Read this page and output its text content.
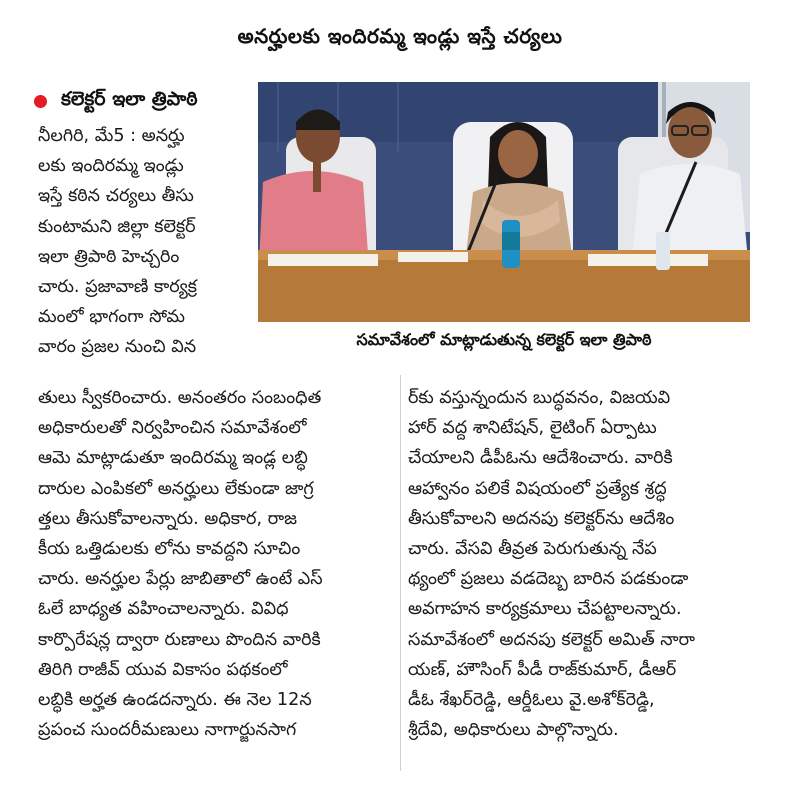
అనర్హులకు ఇందిరమ్మ ఇండ్లు ఇస్తే చర్యలు
కలెక్టర్ ఇలా త్రిపాఠి
సమావేశంలో మాట్లాడుతున్న కలెక్టర్ ఇలా త్రిపాఠి
నీలగిరి, మే5 : అనర్హు
లకు ఇందిరమ్మ ఇండ్లు
ఇస్తే కఠిన చర్యలు తీసు
కుంటామని జిల్లా కలెక్టర్
ఇలా త్రిపాఠి హెచ్చరిం
చారు. ప్రజావాణి కార్యక్ర
మంలో భాగంగా సోమ
వారం ప్రజల నుంచి విన
తులు స్వీకరించారు. అనంతరం సంబంధిత
అధికారులతో నిర్వహించిన సమావేశంలో
ఆమె మాట్లాడుతూ ఇందిరమ్మ ఇండ్ల లబ్ధి
దారుల ఎంపికలో అనర్హులు లేకుండా జాగ్ర
త్తలు తీసుకోవాలన్నారు. అధికార, రాజ
కీయ ఒత్తిడులకు లోను కావద్దని సూచిం
చారు. అనర్హుల పేర్లు జాబితాలో ఉంటే ఎస్
ఓలే బాధ్యత వహించాలన్నారు. వివిధ
కార్పొరేషన్ల ద్వారా రుణాలు పొందిన వారికి
తిరిగి రాజీవ్ యువ వికాసం పథకంలో
లబ్ధికి అర్హత ఉండదన్నారు. ఈ నెల 12న
ప్రపంచ సుందరీమణులు నాగార్జునసాగ
ర్‌కు వస్తున్నందున బుద్ధవనం, విజయవి
హార్ వద్ద శానిటేషన్, లైటింగ్ ఏర్పాటు
చేయాలని డీపీఓను ఆదేశించారు. వారికి
ఆహ్వానం పలికే విషయంలో ప్రత్యేక శ్రద్ధ
తీసుకోవాలని అదనపు కలెక్టర్‌ను ఆదేశిం
చారు. వేసవి తీవ్రత పెరుగుతున్న నేప
థ్యంలో ప్రజలు వడదెబ్బ బారిన పడకుండా
అవగాహన కార్యక్రమాలు చేపట్టాలన్నారు.
సమావేశంలో అదనపు కలెక్టర్ అమిత్ నారా
యణ్, హౌసింగ్ పీడీ రాజ్‌కుమార్, డీఆర్
డీఓ శేఖర్‌రెడ్డి, ఆర్డీఓలు వై.అశోక్‌రెడ్డి,
శ్రీదేవి, అధికారులు పాల్గొన్నారు.
